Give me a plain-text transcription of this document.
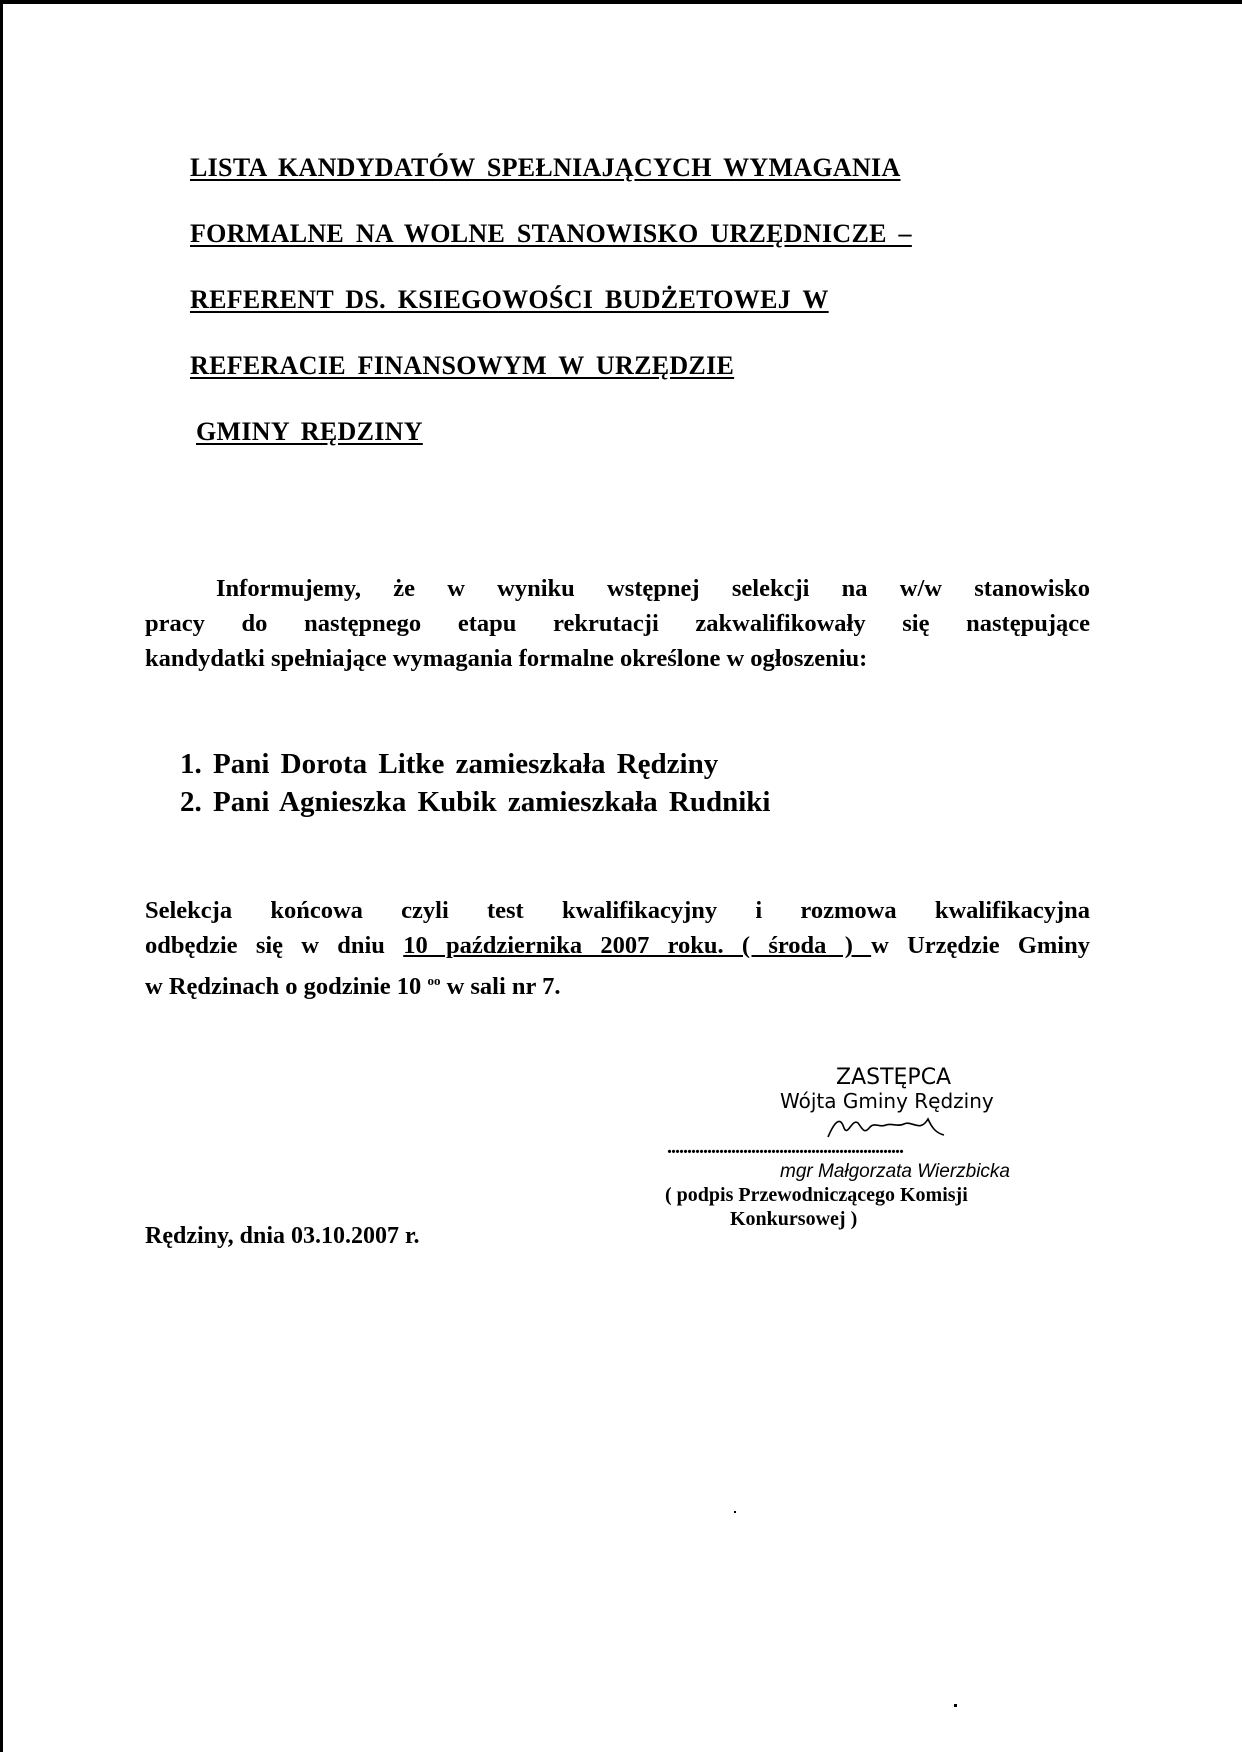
LISTA KANDYDATÓW SPEŁNIAJĄCYCH WYMAGANIA
FORMALNE NA WOLNE STANOWISKO URZĘDNICZE –
REFERENT DS. KSIEGOWOŚCI BUDŻETOWEJ W
REFERACIE FINANSOWYM W URZĘDZIE
GMINY RĘDZINY

Informujemy, że w wyniku wstępnej selekcji na w/w stanowisko

pracy do następnego etapu rekrutacji zakwalifikowały się następujące

kandydatki spełniające wymagania formalne określone w ogłoszeniu:

1. Pani Dorota Litke zamieszkała Rędziny
2. Pani Agnieszka Kubik zamieszkała Rudniki

Selekcja końcowa czyli test kwalifikacyjny i rozmowa kwalifikacyjna

odbędzie się w dniu 10 października 2007 roku. ( środa ) w Urzędzie Gminy

w Rędzinach o godzinie 10 $^{oo}$ w sali nr 7.

ZASTĘPCA
Wójta Gminy Rędziny
...........................................................
mgr Małgorzata Wierzbicka
( podpis Przewodniczącego Komisji
Konkursowej )
Rędziny, dnia 03.10.2007 r.
